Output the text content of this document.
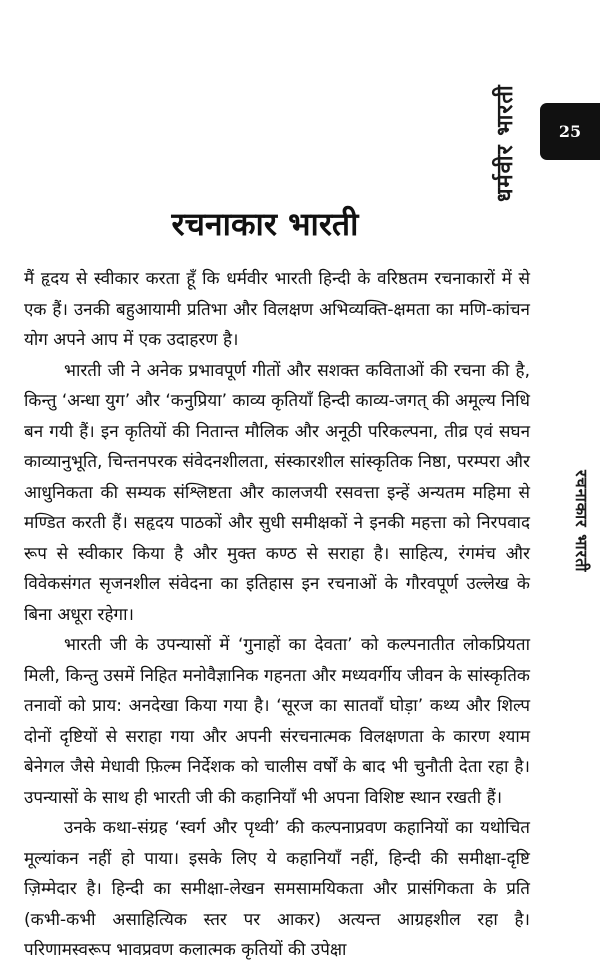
धर्मवीर भारती	25
रचनाकार भारती

मैं हृदय से स्वीकार करता हूँ कि धर्मवीर भारती हिन्दी के वरिष्ठतम रचनाकारों में से एक हैं। उनकी बहुआयामी प्रतिभा और विलक्षण अभिव्यक्ति-क्षमता का मणि-कांचन योग अपने आप में एक उदाहरण है।

भारती जी ने अनेक प्रभावपूर्ण गीतों और सशक्त कविताओं की रचना की है, किन्तु ‘अन्धा युग’ और ‘कनुप्रिया’ काव्य कृतियाँ हिन्दी काव्य-जगत् की अमूल्य निधि बन गयी हैं। इन कृतियों की नितान्त मौलिक और अनूठी परिकल्पना, तीव्र एवं सघन काव्यानुभूति, चिन्तनपरक संवेदनशीलता, संस्कारशील सांस्कृतिक निष्ठा, परम्परा और आधुनिकता की सम्यक संश्लिष्टता और कालजयी रसवत्ता इन्हें अन्यतम महिमा से मण्डित करती हैं। सहृदय पाठकों और सुधी समीक्षकों ने इनकी महत्ता को निरपवाद रूप से स्वीकार किया है और मुक्त कण्ठ से सराहा है। साहित्य, रंगमंच और विवेकसंगत सृजनशील संवेदना का इतिहास इन रचनाओं के गौरवपूर्ण उल्लेख के बिना अधूरा रहेगा।

भारती जी के उपन्यासों में ‘गुनाहों का देवता’ को कल्पनातीत लोकप्रियता मिली, किन्तु उसमें निहित मनोवैज्ञानिक गहनता और मध्यवर्गीय जीवन के सांस्कृतिक तनावों को प्राय: अनदेखा किया गया है। ‘सूरज का सातवाँ घोड़ा’ कथ्य और शिल्प दोनों दृष्टियों से सराहा गया और अपनी संरचनात्मक विलक्षणता के कारण श्याम बेनेगल जैसे मेधावी फ़िल्म निर्देशक को चालीस वर्षों के बाद भी चुनौती देता रहा है। उपन्यासों के साथ ही भारती जी की कहानियाँ भी अपना विशिष्ट स्थान रखती हैं।

उनके कथा-संग्रह ‘स्वर्ग और पृथ्वी’ की कल्पनाप्रवण कहानियों का यथोचित मूल्यांकन नहीं हो पाया। इसके लिए ये कहानियाँ नहीं, हिन्दी की समीक्षा-दृष्टि ज़िम्मेदार है। हिन्दी का समीक्षा-लेखन समसामयिकता और प्रासंगिकता के प्रति (कभी-कभी असाहित्यिक स्तर पर आकर) अत्यन्त आग्रहशील रहा है। परिणामस्वरूप भावप्रवण कलात्मक कृतियों की उपेक्षा

रचनाकार भारती
